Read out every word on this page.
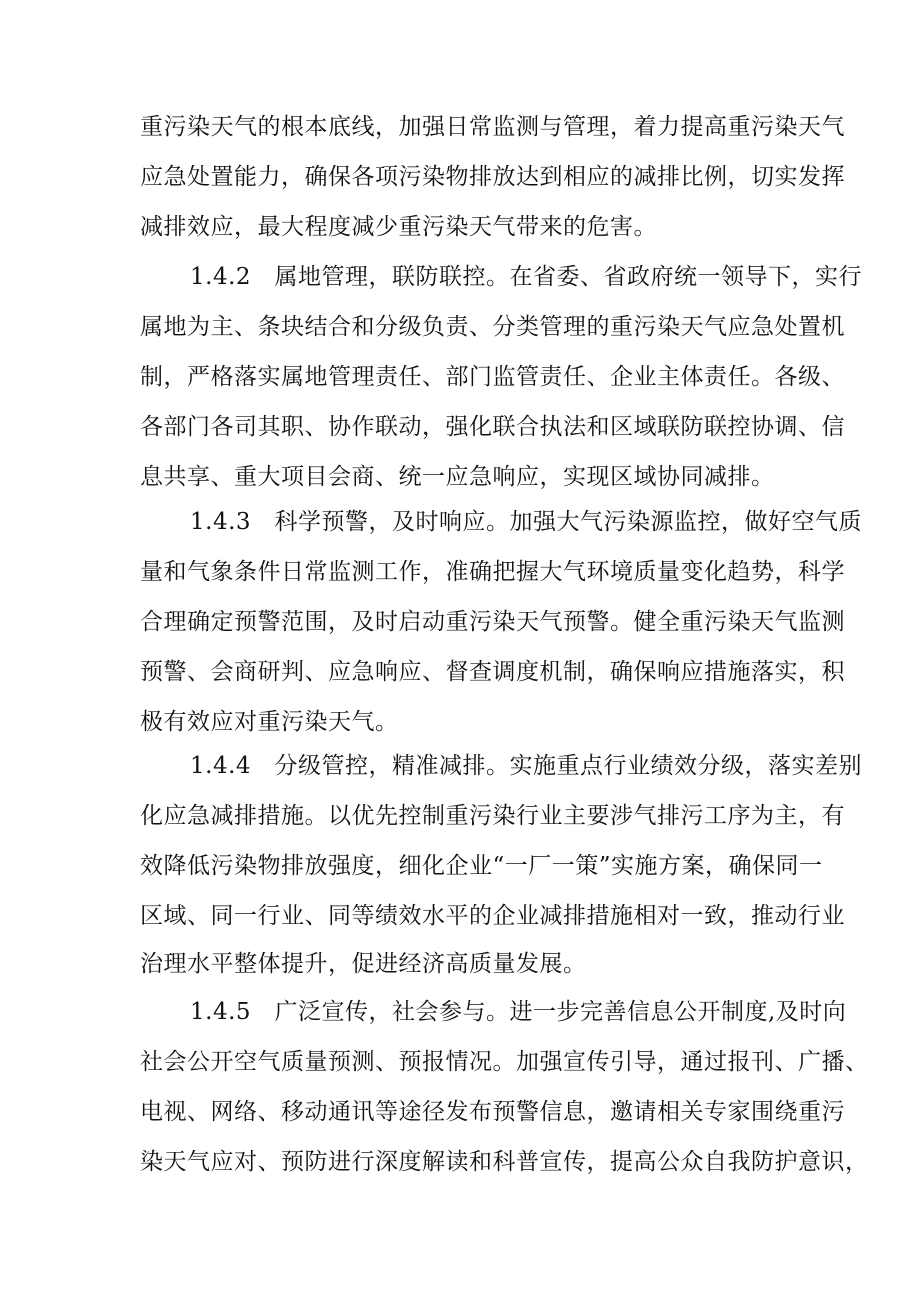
重污染天气的根本底线，加强日常监测与管理，着力提高重污染天气
应急处置能力，确保各项污染物排放达到相应的减排比例，切实发挥
减排效应，最大程度减少重污染天气带来的危害。
1.4.2   属地管理，联防联控。在省委、省政府统一领导下，实行
属地为主、条块结合和分级负责、分类管理的重污染天气应急处置机
制，严格落实属地管理责任、部门监管责任、企业主体责任。各级、
各部门各司其职、协作联动，强化联合执法和区域联防联控协调、信
息共享、重大项目会商、统一应急响应，实现区域协同减排。
1.4.3   科学预警，及时响应。加强大气污染源监控，做好空气质
量和气象条件日常监测工作，准确把握大气环境质量变化趋势，科学
合理确定预警范围，及时启动重污染天气预警。健全重污染天气监测
预警、会商研判、应急响应、督查调度机制，确保响应措施落实，积
极有效应对重污染天气。
1.4.4   分级管控，精准减排。实施重点行业绩效分级，落实差别
化应急减排措施。以优先控制重污染行业主要涉气排污工序为主，有
效降低污染物排放强度，细化企业“一厂一策”实施方案，确保同一
区域、同一行业、同等绩效水平的企业减排措施相对一致，推动行业
治理水平整体提升，促进经济高质量发展。
1.4.5   广泛宣传，社会参与。进一步完善信息公开制度,及时向
社会公开空气质量预测、预报情况。加强宣传引导，通过报刊、广播、
电视、网络、移动通讯等途径发布预警信息，邀请相关专家围绕重污
染天气应对、预防进行深度解读和科普宣传，提高公众自我防护意识，
